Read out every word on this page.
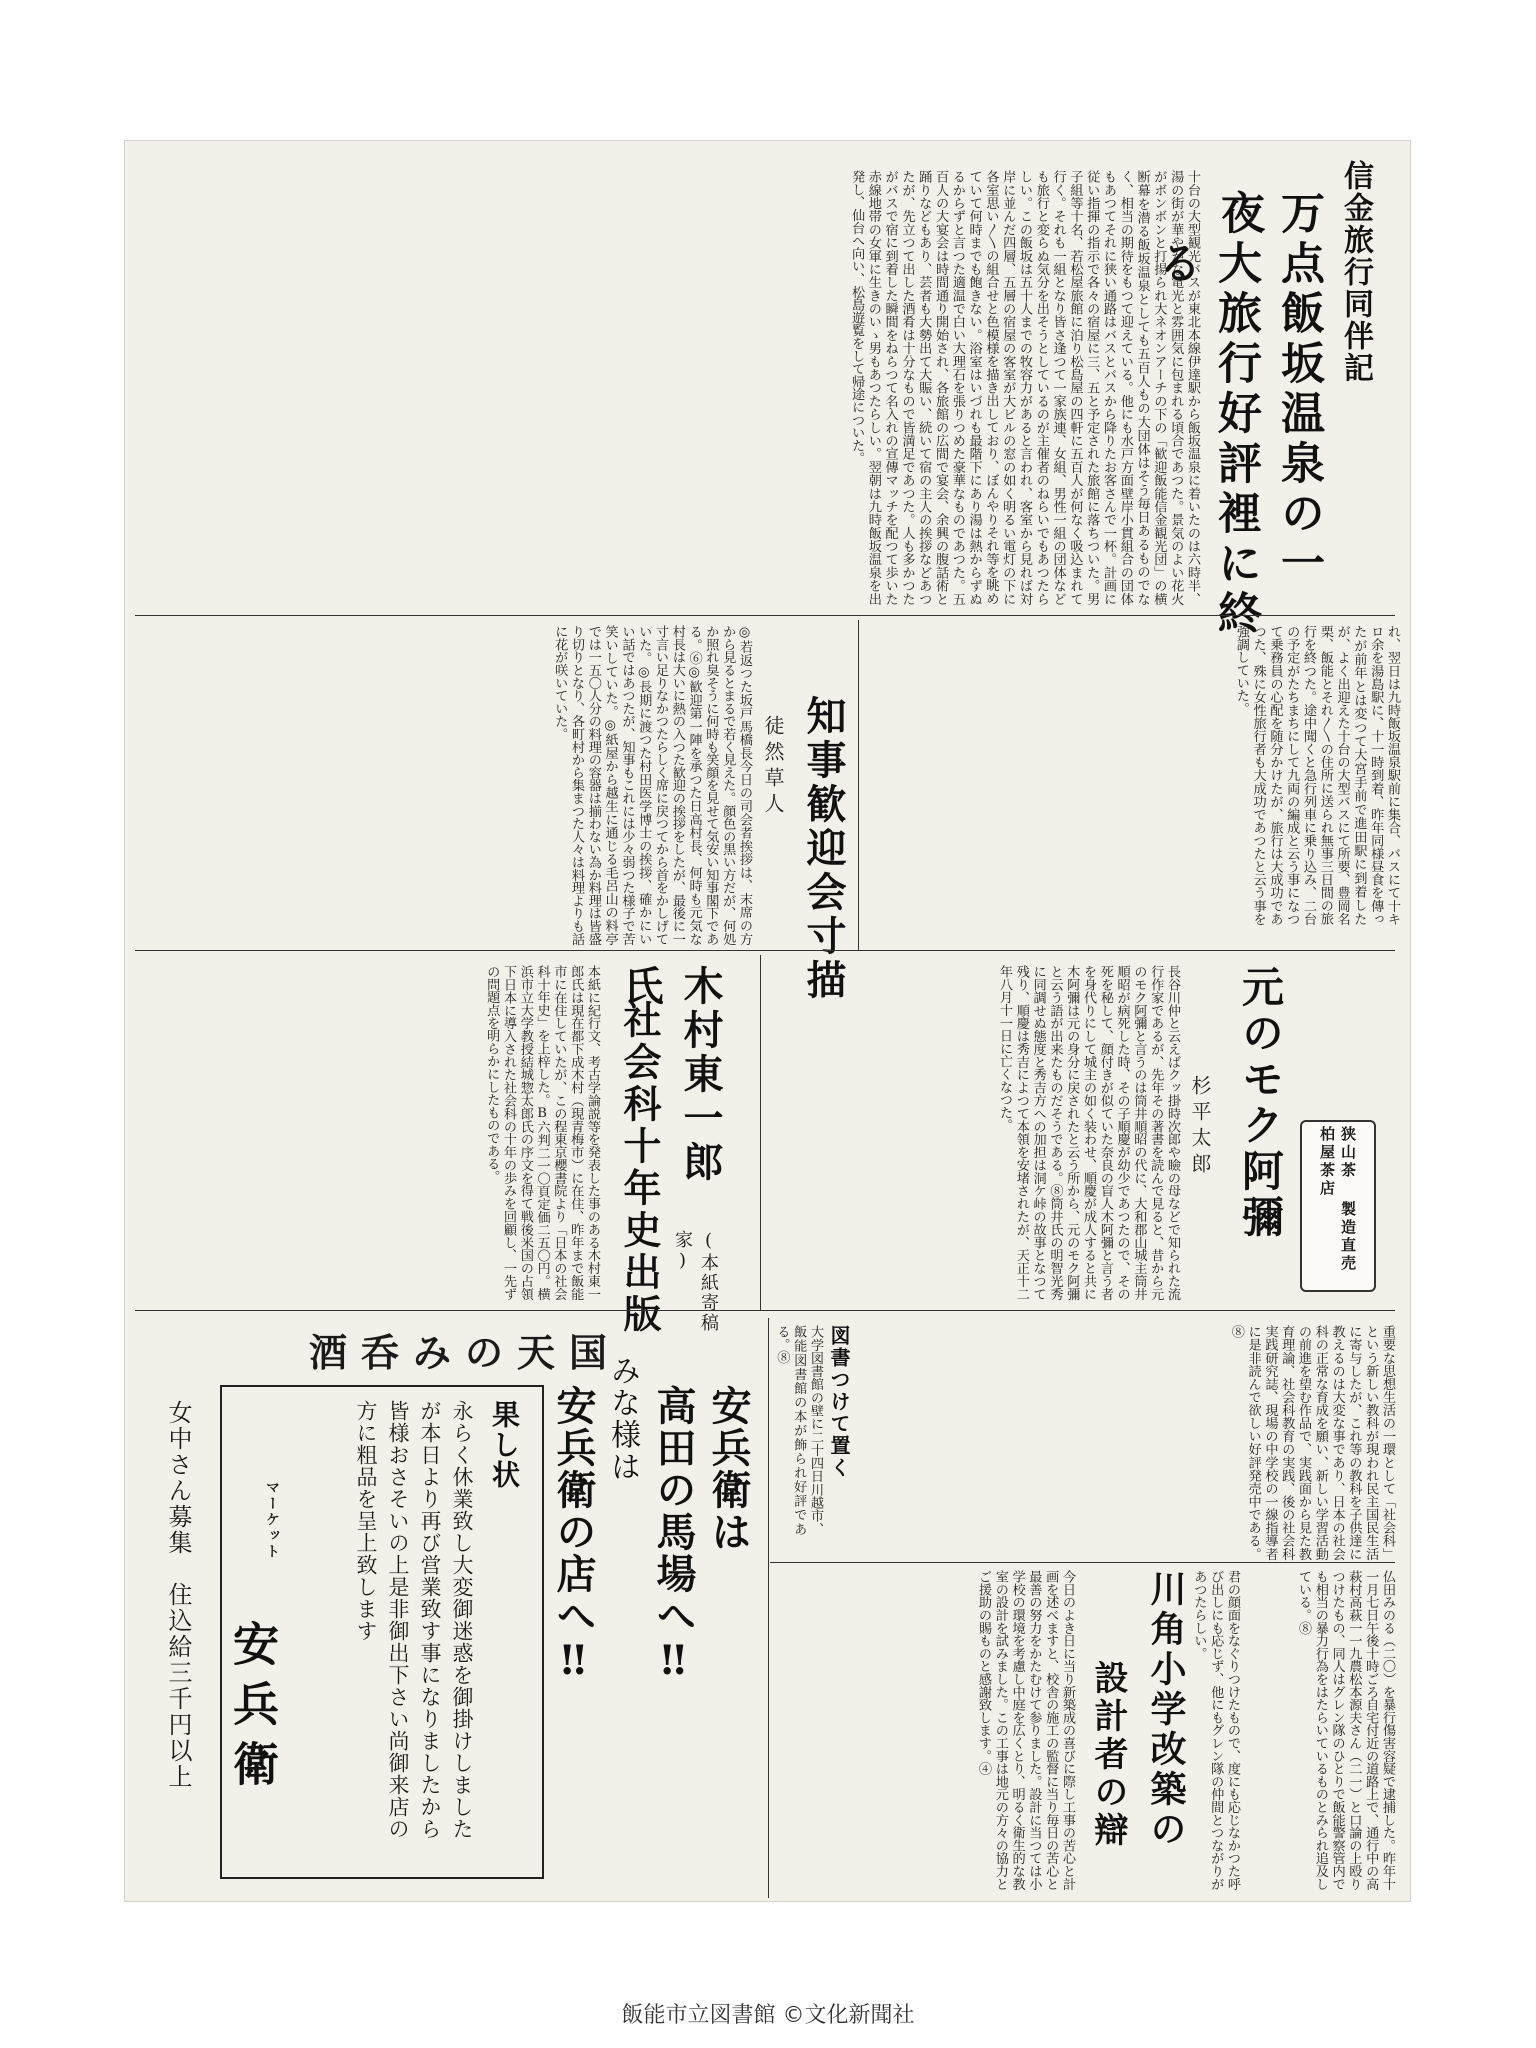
信金旅行同伴記
万点飯坂温泉の一夜
大旅行好評裡に終る
十台の大型観光バスが東北本線伊達駅から飯坂温泉に着いたのは六時半、湯の街が華やかな電光と雰囲気に包まれる頃合であつた。景気のよい花火がボンボンと打揚られ大ネオンアーチの下の「歓迎飯能信金観光団」の横断幕を潜る飯坂温泉としても五百人もの大団体はそう毎日あるものでなく、相当の期待をもつて迎えている。他にも水戸方面壁岸小貫組合の団体もあつてそれに狭い通路はバスとバスから降りたお客さんで一杯。計画に従い指揮の指示で各々の宿屋に三、五と予定された旅館に落ちついた。男子組等十名、若松屋旅館に泊り松島屋の四軒に五百人が何なく吸込まれて行く。それも一組となり皆さ逢つて一家族連、女組、男性一組の団体なども旅行と変らぬ気分を出そうとしているのが主催者のねらいでもあつたらしい。この飯坂は五十人までの牧容力があると言われ、客室から見れば対岸に並んだ四層、五層の宿屋の客室が大ビルの窓の如く明るい電灯の下に各室思い〳〵の組合せと色模様を描き出しており、ぼんやりそれ等を眺めていて何時までも飽きない。浴室はいづれも最階下にあり湯は熱からずぬるからずと言つた適温で白い大理石を張りつめた豪華なものであつた。五百人の大宴会は時間通り開始され、各旅館の広間で宴会、余興の腹話術と踊りなどもあり、芸者も大勢出て大賑い、続いて宿の主人の挨拶などあつたが、先立つて出した酒肴は十分なもので皆満足であつた。人も多かつたがバスで宿に到着した瞬間をねらつて名入れの宣傳マッチを配つて歩いた赤線地帯の女軍に生きのいゝ男もあつたらしい。翌朝は九時飯坂温泉を出発し、仙台へ向い、松島遊覧をして帰途についた。
知事歓迎会寸描
徒然草人
◎若返つた坂戸馬橋長今日の司会者挨拶は、末席の方から見るとまるで若く見えた。顔色の黒い方だが、何処か照れ臭そうに何時も笑顔を見せて気安い知事閣下である。⑥◎歓迎第一陣を承つた日高村長、何時も元気な村長は大いに熱の入つた歓迎の挨拶をしたが、最後に一寸言い足りなかつたらしく席に戻つてから首をかしげていた。◎長期に渡つた村田医学博士の挨拶、確かにいい話ではあつたが、知事もこれには少々弱つた様子で苦笑いしていた。◎紙屋から越生に通じる毛呂山の料亭では一五〇人分の料理の容器は揃わない為か料理は皆盛り切りとなり、各町村から集まつた人々は料理よりも話に花が咲いていた。	れ、翌日は九時飯坂温泉駅前に集合、バスにて十キロ余を湯島駅に、十一時到着、昨年同様昼食を傳ったが前年とは変つて大宮手前で進田駅に到着したが、よく出迎えた十台の大型バスにて所要、豊岡名栗、飯能とそれ〳〵の住所に送られ無事三日間の旅行を終つた。途中聞くと急行列車に乗り込み、二台の予定がたちまちにして九両の編成と云う事になつて乗務員の心配を随分かけたが、旅行は大成功であつた、殊に女性旅行者も大成功であつたと云う事を強調していた。
元のモク阿彌
杉平太郎	狭山茶 製造直売 柏屋茶店
長谷川仲と云えばクッ掛時次郎や瞼の母などで知られた流行作家であるが、先年その著書を読んで見ると、昔から元のモク阿彌と言うのは筒井順昭の代に、大和郡山城主筒井順昭が病死した時、その子順慶が幼少であつたので、その死を秘して、顔付きが似ていた奈良の盲人木阿彌と言う者を身代りにして城主の如く装わせ、順慶が成人すると共に木阿彌は元の身分に戻されたと云う所から、元のモク阿彌と云う語が出来たものだそうである。⑧筒井氏の明智光秀に同調せぬ態度と秀吉方への加担は洞ケ峠の故事となつて残り、順慶は秀吉によつて本領を安堵されたが、天正十二年八月十一日に亡くなつた。
木村東一郎氏
(本紙寄稿家)
社会科十年史出版
本紙に紀行文、考古学論説等を発表した事のある木村東一郎氏は現在都下成木村（現青梅市）に在住、昨年まで飯能市に在住していたが、この程東京櫻書院より「日本の社会科十年史」を上梓した。B六判二一〇頁定価二五〇円。横浜市立大学教授結城惣太郎氏の序文を得て戦後米国の占領下日本に導入された社会科の十年の歩みを回顧し、一先ずの問題点を明らかにしたものである。
重要な思想生活の一環として「社会科」という新しい教科が現われ民主国民生活に寄与したが、これ等の教科を子供達に教えるのは大変な事であり、日本の社会科の正常な育成を願い、新しい学習活動の前進を望む作品で、実践面から見た教育理論、社会科教育の実践、後の社会科実践研究誌、現場の中学校の一線指導者に是非読んで欲しい好評発売中である。⑧
図書つけて置く
大学図書館の壁に二十四日川越市、飯能図書館の本が飾られ好評である。⑧
仏田みのる（二〇）を暴行傷害容疑で逮捕した。昨年十一月七日午後十時ごろ自宅付近の道路上で、通行中の高萩村高萩一一九農松本源夫さん（二一）と口論の上殴りつけたもの、同人はグレン隊のひとりで飯能警察管内でも相当の暴力行為をはたらいているものとみられ追及している。⑧
君の顔面をなぐりつけたもので、度にも応じなかつた呼び出しにも応じず、他にもグレン隊の仲間とつながりがあつたらしい。
川角小学改築の
設計者の辯
今日のよき日に当り新築成の喜びに際し工事の苦心と計画を述べますと、校舎の施工の監督に当り毎日の苦心と最善の努力をかたむけて参りました。設計に当つては小学校の環境を考慮し中庭を広くとり、明るく衛生的な教室の設計を試みました。この工事は地元の方々の協力とご援助の賜ものと感謝致します。④
酒呑みの天国
安兵衛は
高田の馬場へ‼
みな様は
安兵衛の店へ‼
果し状
永らく休業致し大変御迷惑を御掛けしましたが本日より再び営業致す事になりましたから皆様おさそいの上是非御出下さい尚御来店の方に粗品を呈上致します
マーケット
安兵衛
女中さん募集　住込給三千円以上
飯能市立図書館 ©文化新聞社
